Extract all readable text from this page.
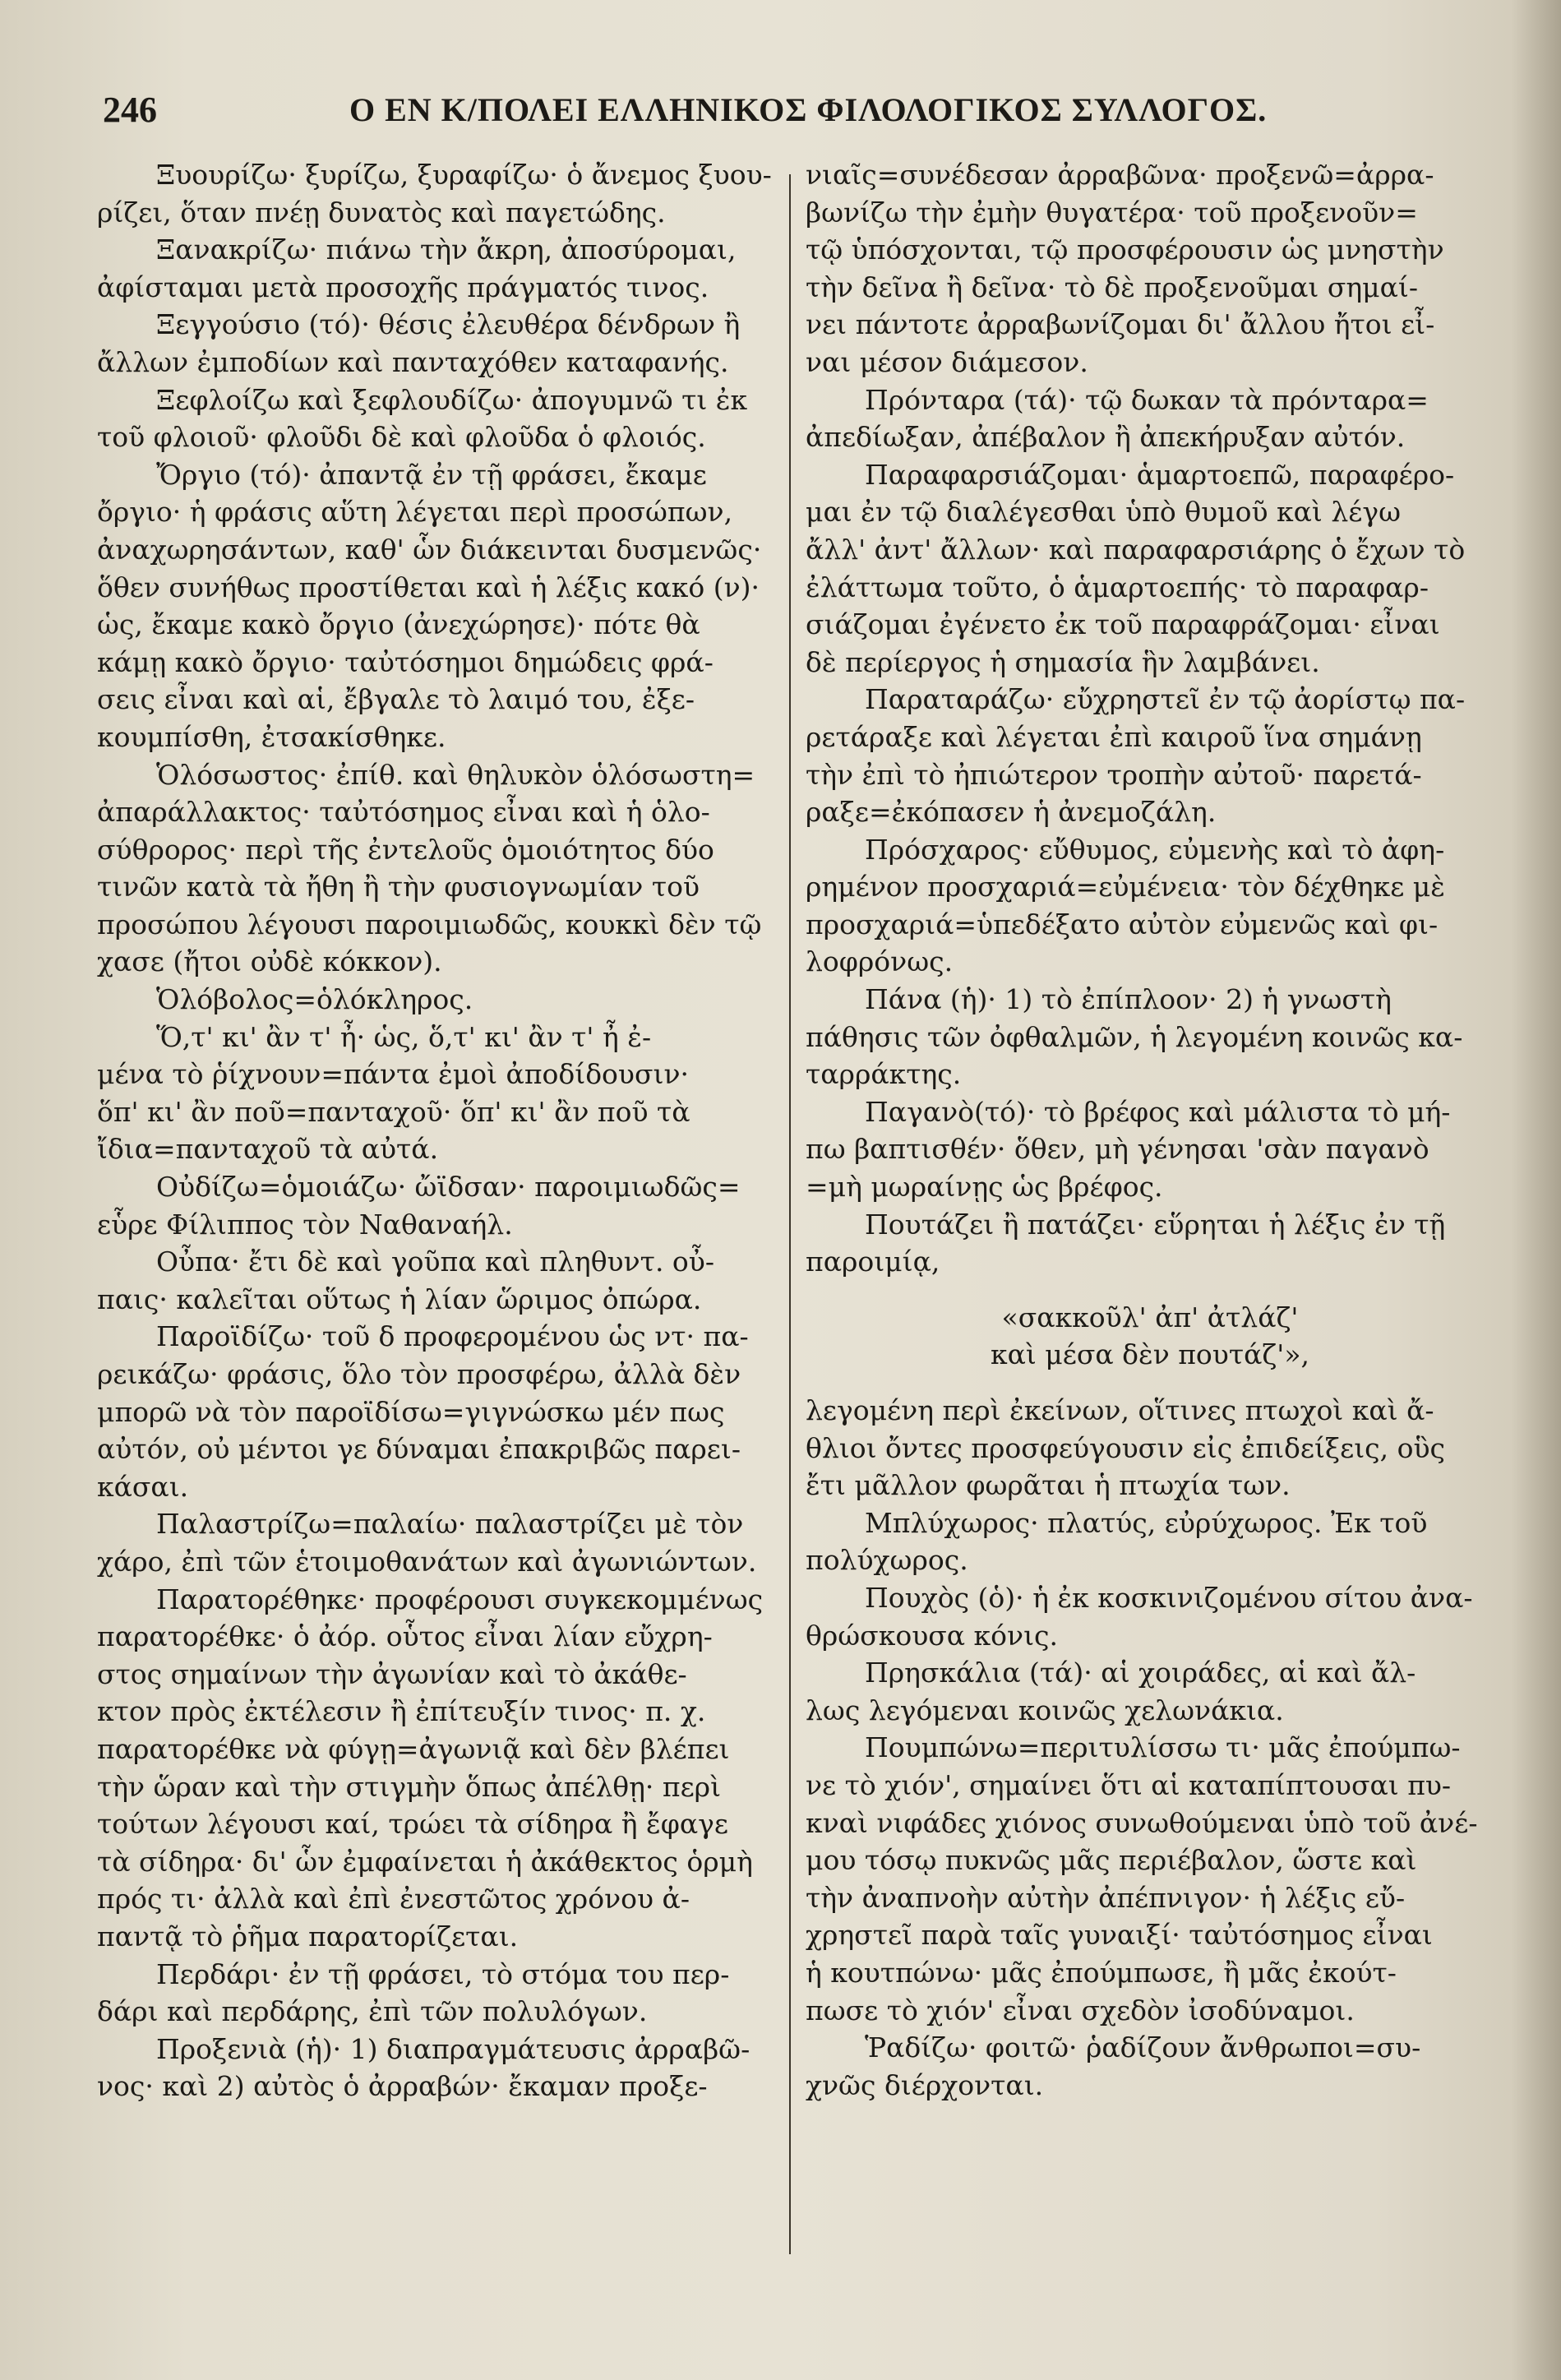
246	Ο ΕΝ Κ/ΠΟΛΕΙ ΕΛΛΗΝΙΚΟΣ ΦΙΛΟΛΟΓΙΚΟΣ ΣΥΛΛΟΓΟΣ.
Ξυουρίζω· ξυρίζω, ξυραφίζω· ὁ ἄνεμος ξυου-
ρίζει, ὅταν πνέῃ δυνατὸς καὶ παγετώδης.
Ξανακρίζω· πιάνω τὴν ἄκρη, ἀποσύρομαι,
ἀφίσταμαι μετὰ προσοχῆς πράγματός τινος.
Ξεγγούσιο (τό)· θέσις ἐλευθέρα δένδρων ἢ
ἄλλων ἐμποδίων καὶ πανταχόθεν καταφανής.
Ξεφλοίζω καὶ ξεφλουδίζω· ἀπογυμνῶ τι ἐκ
τοῦ φλοιοῦ· φλοῦδι δὲ καὶ φλοῦδα ὁ φλοιός.
Ὄργιο (τό)· ἀπαντᾷ ἐν τῇ φράσει, ἔκαμε
ὄργιο· ἡ φράσις αὕτη λέγεται περὶ προσώπων,
ἀναχωρησάντων, καθ' ὧν διάκεινται δυσμενῶς·
ὅθεν συνήθως προστίθεται καὶ ἡ λέξις κακό (ν)·
ὡς, ἔκαμε κακὸ ὄργιο (ἀνεχώρησε)· πότε θὰ
κάμῃ κακὸ ὄργιο· ταὐτόσημοι δημώδεις φρά-
σεις εἶναι καὶ αἱ, ἔβγαλε τὸ λαιμό του, ἐξε-
κουμπίσθη, ἐτσακίσθηκε.
Ὁλόσωστος· ἐπίθ. καὶ θηλυκὸν ὁλόσωστη=
ἀπαράλλακτος· ταὐτόσημος εἶναι καὶ ἡ ὁλο-
σύθρορος· περὶ τῆς ἐντελοῦς ὁμοιότητος δύο
τινῶν κατὰ τὰ ἤθη ἢ τὴν φυσιογνωμίαν τοῦ
προσώπου λέγουσι παροιμιωδῶς, κουκκὶ δὲν τῷ
χασε (ἤτοι οὐδὲ κόκκον).
Ὁλόβολος=ὁλόκληρος.
Ὅ,τ' κι' ἂν τ' ἦ· ὡς, ὅ,τ' κι' ἂν τ' ἦ ἐ-
μένα τὸ ῥίχνουν=πάντα ἐμοὶ ἀποδίδουσιν·
ὅπ' κι' ἂν ποῦ=πανταχοῦ· ὅπ' κι' ἂν ποῦ τὰ
ἴδια=πανταχοῦ τὰ αὐτά.
Οὐδίζω=ὁμοιάζω· ὤϊδσαν· παροιμιωδῶς=
εὗρε Φίλιππος τὸν Ναθαναήλ.
Οὖπα· ἔτι δὲ καὶ γοῦπα καὶ πληθυντ. οὖ-
παις· καλεῖται οὕτως ἡ λίαν ὥριμος ὀπώρα.
Παροϊδίζω· τοῦ δ προφερομένου ὡς ντ· πα-
ρεικάζω· φράσις, ὅλο τὸν προσφέρω, ἀλλὰ δὲν
μπορῶ νὰ τὸν παροϊδίσω=γιγνώσκω μέν πως
αὐτόν, οὐ μέντοι γε δύναμαι ἐπακριβῶς παρει-
κάσαι.
Παλαστρίζω=παλαίω· παλαστρίζει μὲ τὸν
χάρο, ἐπὶ τῶν ἑτοιμοθανάτων καὶ ἀγωνιώντων.
Παρατορέθηκε· προφέρουσι συγκεκομμένως
παρατορέθκε· ὁ ἀόρ. οὗτος εἶναι λίαν εὔχρη-
στος σημαίνων τὴν ἀγωνίαν καὶ τὸ ἀκάθε-
κτον πρὸς ἐκτέλεσιν ἢ ἐπίτευξίν τινος· π. χ.
παρατορέθκε νὰ φύγῃ=ἀγωνιᾷ καὶ δὲν βλέπει
τὴν ὥραν καὶ τὴν στιγμὴν ὅπως ἀπέλθῃ· περὶ
τούτων λέγουσι καί, τρώει τὰ σίδηρα ἢ ἔφαγε
τὰ σίδηρα· δι' ὧν ἐμφαίνεται ἡ ἀκάθεκτος ὁρμὴ
πρός τι· ἀλλὰ καὶ ἐπὶ ἐνεστῶτος χρόνου ἀ-
παντᾷ τὸ ῥῆμα παρατορίζεται.
Περδάρι· ἐν τῇ φράσει, τὸ στόμα του περ-
δάρι καὶ περδάρης, ἐπὶ τῶν πολυλόγων.
Προξενιὰ (ἡ)· 1) διαπραγμάτευσις ἀρραβῶ-
νος· καὶ 2) αὐτὸς ὁ ἀρραβών· ἔκαμαν προξε-
νιαῖς=συνέδεσαν ἀρραβῶνα· προξενῶ=ἀρρα-
βωνίζω τὴν ἐμὴν θυγατέρα· τοῦ προξενοῦν=
τῷ ὑπόσχονται, τῷ προσφέρουσιν ὡς μνηστὴν
τὴν δεῖνα ἢ δεῖνα· τὸ δὲ προξενοῦμαι σημαί-
νει πάντοτε ἀρραβωνίζομαι δι' ἄλλου ἤτοι εἶ-
ναι μέσον διάμεσον.
Πρόνταρα (τά)· τῷ δωκαν τὰ πρόνταρα=
ἀπεδίωξαν, ἀπέβαλον ἢ ἀπεκήρυξαν αὐτόν.
Παραφαρσιάζομαι· ἁμαρτοεπῶ, παραφέρο-
μαι ἐν τῷ διαλέγεσθαι ὑπὸ θυμοῦ καὶ λέγω
ἄλλ' ἀντ' ἄλλων· καὶ παραφαρσιάρης ὁ ἔχων τὸ
ἐλάττωμα τοῦτο, ὁ ἁμαρτοεπής· τὸ παραφαρ-
σιάζομαι ἐγένετο ἐκ τοῦ παραφράζομαι· εἶναι
δὲ περίεργος ἡ σημασία ἣν λαμβάνει.
Παραταράζω· εὔχρηστεῖ ἐν τῷ ἀορίστῳ πα-
ρετάραξε καὶ λέγεται ἐπὶ καιροῦ ἵνα σημάνῃ
τὴν ἐπὶ τὸ ἠπιώτερον τροπὴν αὐτοῦ· παρετά-
ραξε=ἐκόπασεν ἡ ἀνεμοζάλη.
Πρόσχαρος· εὔθυμος, εὐμενὴς καὶ τὸ ἀφη-
ρημένον προσχαριά=εὐμένεια· τὸν δέχθηκε μὲ
προσχαριά=ὑπεδέξατο αὐτὸν εὐμενῶς καὶ φι-
λοφρόνως.
Πάνα (ἡ)· 1) τὸ ἐπίπλοον· 2) ἡ γνωστὴ
πάθησις τῶν ὀφθαλμῶν, ἡ λεγομένη κοινῶς κα-
ταρράκτης.
Παγανὸ(τό)· τὸ βρέφος καὶ μάλιστα τὸ μή-
πω βαπτισθέν· ὅθεν, μὴ γένησαι 'σὰν παγανὸ
=μὴ μωραίνῃς ὡς βρέφος.
Πουτάζει ἢ πατάζει· εὕρηται ἡ λέξις ἐν τῇ
παροιμίᾳ,
«σακκοῦλ' ἀπ' ἀτλάζ'
καὶ μέσα δὲν πουτάζ'»,
λεγομένη περὶ ἐκείνων, οἵτινες πτωχοὶ καὶ ἄ-
θλιοι ὄντες προσφεύγουσιν εἰς ἐπιδείξεις, οὓς
ἔτι μᾶλλον φωρᾶται ἡ πτωχία των.
Μπλύχωρος· πλατύς, εὐρύχωρος. Ἐκ τοῦ
πολύχωρος.
Πουχὸς (ὁ)· ἡ ἐκ κοσκινιζομένου σίτου ἀνα-
θρώσκουσα κόνις.
Πρησκάλια (τά)· αἱ χοιράδες, αἱ καὶ ἄλ-
λως λεγόμεναι κοινῶς χελωνάκια.
Πουμπώνω=περιτυλίσσω τι· μᾶς ἐπούμπω-
νε τὸ χιόν', σημαίνει ὅτι αἱ καταπίπτουσαι πυ-
κναὶ νιφάδες χιόνος συνωθούμεναι ὑπὸ τοῦ ἀνέ-
μου τόσῳ πυκνῶς μᾶς περιέβαλον, ὥστε καὶ
τὴν ἀναπνοὴν αὐτὴν ἀπέπνιγον· ἡ λέξις εὔ-
χρηστεῖ παρὰ ταῖς γυναιξί· ταὐτόσημος εἶναι
ἡ κουτπώνω· μᾶς ἐπούμπωσε, ἢ μᾶς ἐκούτ-
πωσε τὸ χιόν' εἶναι σχεδὸν ἰσοδύναμοι.
Ῥαδίζω· φοιτῶ· ῥαδίζουν ἄνθρωποι=συ-
χνῶς διέρχονται.
